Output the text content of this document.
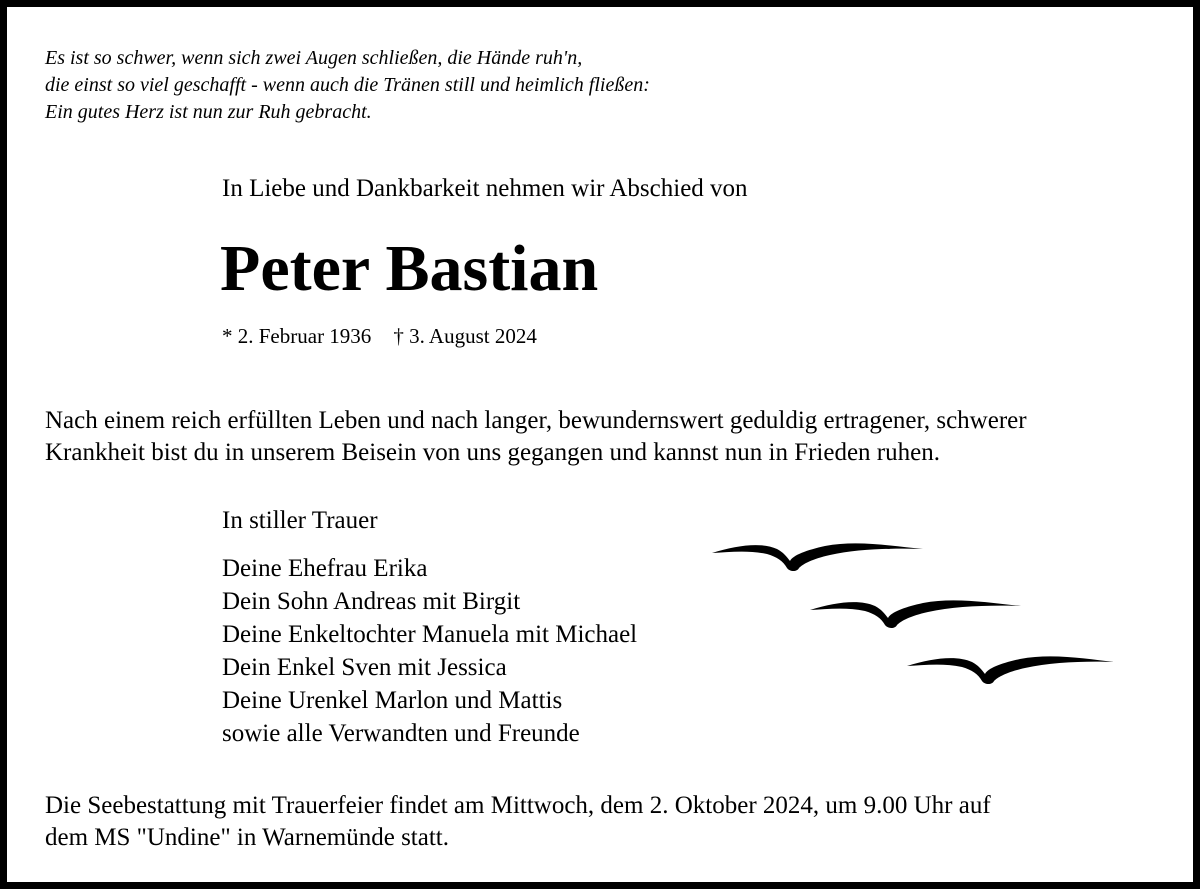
Es ist so schwer, wenn sich zwei Augen schließen, die Hände ruh'n,
die einst so viel geschafft - wenn auch die Tränen still und heimlich fließen:
Ein gutes Herz ist nun zur Ruh gebracht.
In Liebe und Dankbarkeit nehmen wir Abschied von
Peter Bastian
* 2. Februar 1936 † 3. August 2024
Nach einem reich erfüllten Leben und nach langer, bewundernswert geduldig ertragener, schwerer
Krankheit bist du in unserem Beisein von uns gegangen und kannst nun in Frieden ruhen.
In stiller Trauer
Deine Ehefrau Erika
Dein Sohn Andreas mit Birgit
Deine Enkeltochter Manuela mit Michael
Dein Enkel Sven mit Jessica
Deine Urenkel Marlon und Mattis
sowie alle Verwandten und Freunde
Die Seebestattung mit Trauerfeier findet am Mittwoch, dem 2. Oktober 2024, um 9.00 Uhr auf
dem MS "Undine" in Warnemünde statt.
